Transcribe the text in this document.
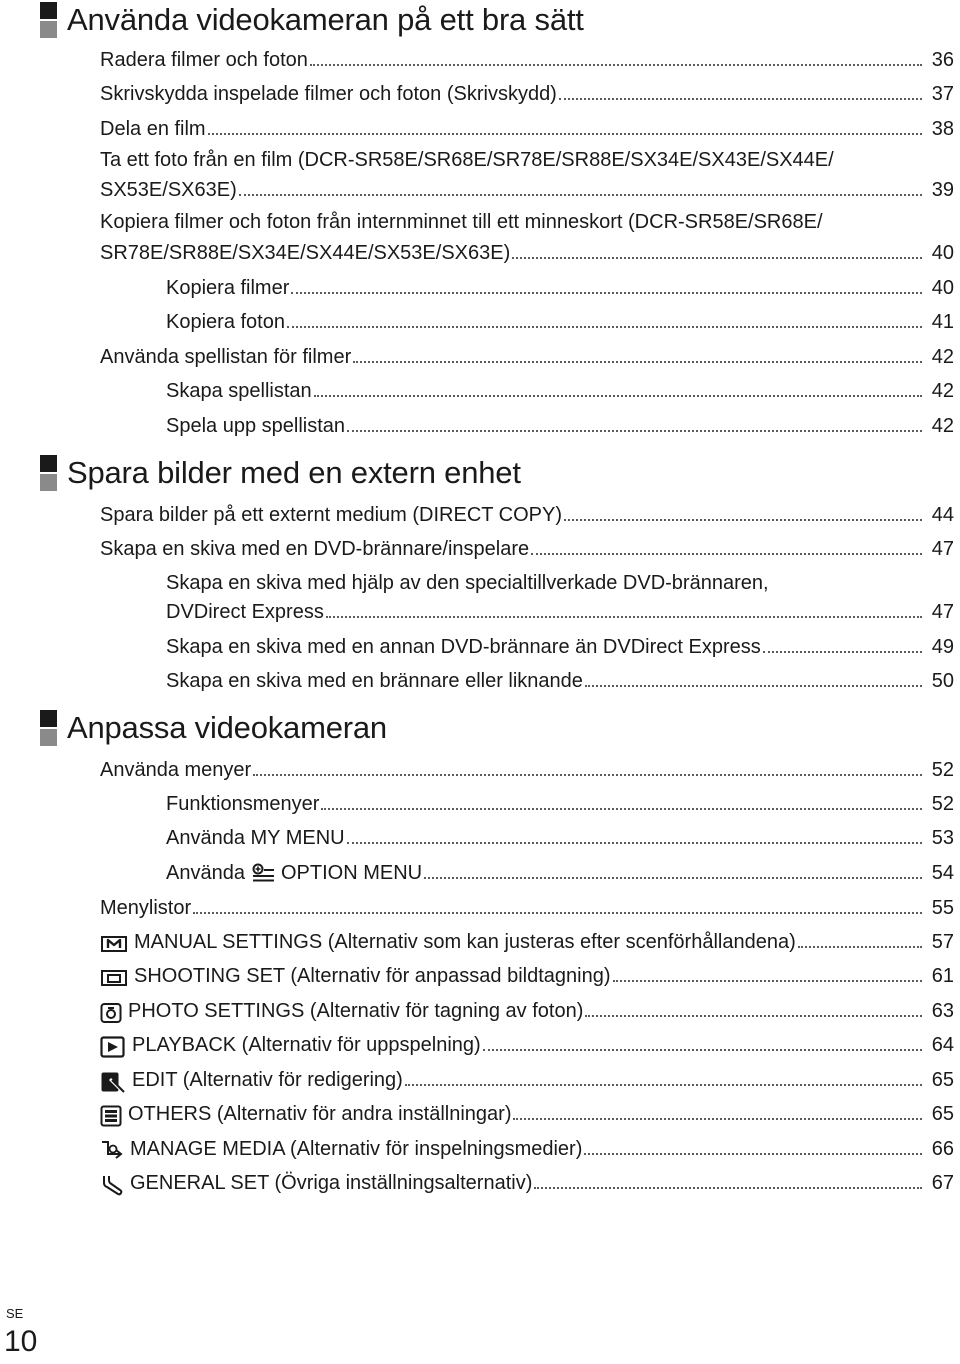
Använda videokameran på ett bra sätt
Radera filmer och foton	36
Skrivskydda inspelade filmer och foton (Skrivskydd)	37
Dela en film	38
Ta ett foto från en film (DCR-SR58E/SR68E/SR78E/SR88E/SX34E/SX43E/SX44E/
SX53E/SX63E)	39
Kopiera filmer och foton från internminnet till ett minneskort (DCR-SR58E/SR68E/
SR78E/SR88E/SX34E/SX44E/SX53E/SX63E)	40
Kopiera filmer	40
Kopiera foton	41
Använda spellistan för filmer	42
Skapa spellistan	42
Spela upp spellistan	42
Spara bilder med en extern enhet
Spara bilder på ett externt medium (DIRECT COPY)	44
Skapa en skiva med en DVD-brännare/inspelare	47
Skapa en skiva med hjälp av den specialtillverkade DVD-brännaren,
DVDirect Express	47
Skapa en skiva med en annan DVD-brännare än DVDirect Express	49
Skapa en skiva med en brännare eller liknande	50
Anpassa videokameran
Använda menyer	52
Funktionsmenyer	52
Använda MY MENU	53
Använda OPTION MENU	54
Menylistor	55
MANUAL SETTINGS (Alternativ som kan justeras efter scenförhållandena)	57
SHOOTING SET (Alternativ för anpassad bildtagning)	61
PHOTO SETTINGS (Alternativ för tagning av foton)	63
PLAYBACK (Alternativ för uppspelning)	64
EDIT (Alternativ för redigering)	65
OTHERS (Alternativ för andra inställningar)	65
MANAGE MEDIA (Alternativ för inspelningsmedier)	66
GENERAL SET (Övriga inställningsalternativ)	67
SE
10
